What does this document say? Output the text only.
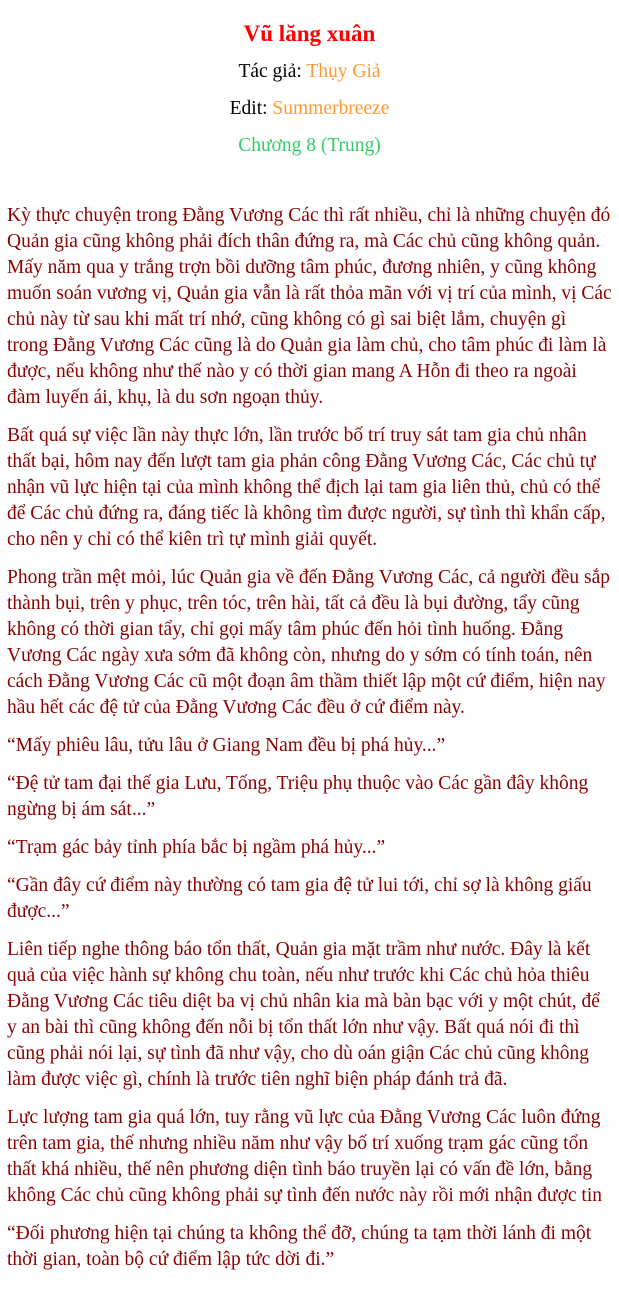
Vũ lăng xuân

Tác giả: Thụy Giả

Edit: Summerbreeze

Chương 8 (Trung)

Kỳ thực chuyện trong Đằng Vương Các thì rất nhiều, chỉ là những chuyện đó Quản gia cũng không phải đích thân đứng ra, mà Các chủ cũng không quản. Mấy năm qua y trắng trợn bồi dưỡng tâm phúc, đương nhiên, y cũng không muốn soán vương vị, Quản gia vẫn là rất thỏa mãn với vị trí của mình, vị Các chủ này từ sau khi mất trí nhớ, cũng không có gì sai biệt lắm, chuyện gì trong Đằng Vương Các cũng là do Quản gia làm chủ, cho tâm phúc đi làm là được, nếu không như thế nào y có thời gian mang A Hỗn đi theo ra ngoài đàm luyến ái, khụ, là du sơn ngoạn thủy.

Bất quá sự việc lần này thực lớn, lần trước bố trí truy sát tam gia chủ nhân thất bại, hôm nay đến lượt tam gia phản công Đằng Vương Các, Các chủ tự nhận vũ lực hiện tại của mình không thể địch lại tam gia liên thủ, chủ có thể để Các chủ đứng ra, đáng tiếc là không tìm được người, sự tình thì khẩn cấp, cho nên y chỉ có thể kiên trì tự mình giải quyết.

Phong trần mệt mỏi, lúc Quản gia về đến Đằng Vương Các, cả người đều sắp thành bụi, trên y phục, trên tóc, trên hài, tất cả đều là bụi đường, tẩy cũng không có thời gian tẩy, chỉ gọi mấy tâm phúc đến hỏi tình huống. Đằng Vương Các ngày xưa sớm đã không còn, nhưng do y sớm có tính toán, nên cách Đằng Vương Các cũ một đoạn âm thầm thiết lập một cứ điểm, hiện nay hầu hết các đệ tử của Đằng Vương Các đều ở cứ điểm này.

“Mấy phiêu lâu, tửu lâu ở Giang Nam đều bị phá hủy...”

“Đệ tử tam đại thế gia Lưu, Tống, Triệu phụ thuộc vào Các gần đây không ngừng bị ám sát...”

“Trạm gác bảy tỉnh phía bắc bị ngầm phá hủy...”

“Gần đây cứ điểm này thường có tam gia đệ tử lui tới, chỉ sợ là không giấu được...”

Liên tiếp nghe thông báo tổn thất, Quản gia mặt trầm như nước. Đây là kết quả của việc hành sự không chu toàn, nếu như trước khi Các chủ hỏa thiêu Đằng Vương Các tiêu diệt ba vị chủ nhân kia mà bàn bạc với y một chút, để y an bài thì cũng không đến nỗi bị tổn thất lớn như vậy. Bất quá nói đi thì cũng phải nói lại, sự tình đã như vậy, cho dù oán giận Các chủ cũng không làm được việc gì, chính là trước tiên nghĩ biện pháp đánh trả đã.

Lực lượng tam gia quá lớn, tuy rằng vũ lực của Đằng Vương Các luôn đứng trên tam gia, thế nhưng nhiều năm như vậy bố trí xuống trạm gác cũng tổn thất khá nhiều, thế nên phương diện tình báo truyền lại có vấn đề lớn, bằng không Các chủ cũng không phải sự tình đến nước này rồi mới nhận được tin

“Đối phương hiện tại chúng ta không thể đỡ, chúng ta tạm thời lánh đi một thời gian, toàn bộ cứ điểm lập tức dời đi.”
